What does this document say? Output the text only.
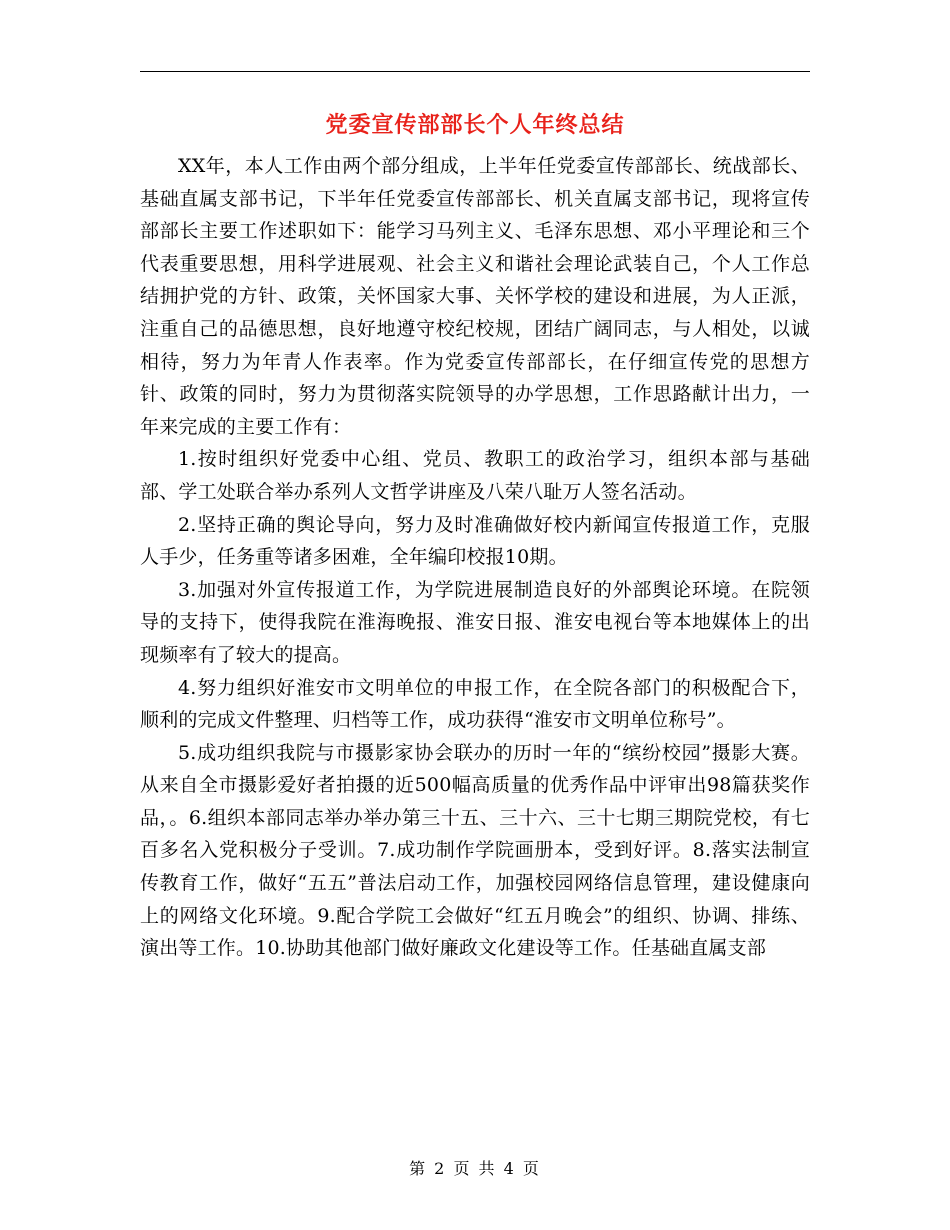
党委宣传部部长个人年终总结

XX年，本人工作由两个部分组成，上半年任党委宣传部部长、统战部长、基础直属支部书记，下半年任党委宣传部部长、机关直属支部书记，现将宣传部部长主要工作述职如下：能学习马列主义、毛泽东思想、邓小平理论和三个代表重要思想，用科学进展观、社会主义和谐社会理论武装自己，个人工作总结拥护党的方针、政策，关怀国家大事、关怀学校的建设和进展，为人正派，注重自己的品德思想，良好地遵守校纪校规，团结广阔同志，与人相处，以诚相待，努力为年青人作表率。作为党委宣传部部长，在仔细宣传党的思想方针、政策的同时，努力为贯彻落实院领导的办学思想，工作思路献计出力，一年来完成的主要工作有：

1.按时组织好党委中心组、党员、教职工的政治学习，组织本部与基础部、学工处联合举办系列人文哲学讲座及八荣八耻万人签名活动。

2.坚持正确的舆论导向，努力及时准确做好校内新闻宣传报道工作，克服人手少，任务重等诸多困难，全年编印校报10期。

3.加强对外宣传报道工作，为学院进展制造良好的外部舆论环境。在院领导的支持下，使得我院在淮海晚报、淮安日报、淮安电视台等本地媒体上的出现频率有了较大的提高。

4.努力组织好淮安市文明单位的申报工作，在全院各部门的积极配合下，顺利的完成文件整理、归档等工作，成功获得“淮安市文明单位称号”。

5.成功组织我院与市摄影家协会联办的历时一年的“缤纷校园”摄影大赛。从来自全市摄影爱好者拍摄的近500幅高质量的优秀作品中评审出98篇获奖作品，。6.组织本部同志举办举办第三十五、三十六、三十七期三期院党校，有七百多名入党积极分子受训。7.成功制作学院画册本，受到好评。8.落实法制宣传教育工作，做好“五五”普法启动工作，加强校园网络信息管理，建设健康向上的网络文化环境。9.配合学院工会做好“红五月晚会”的组织、协调、排练、演出等工作。10.协助其他部门做好廉政文化建设等工作。任基础直属支部

第 2 页 共 4 页
